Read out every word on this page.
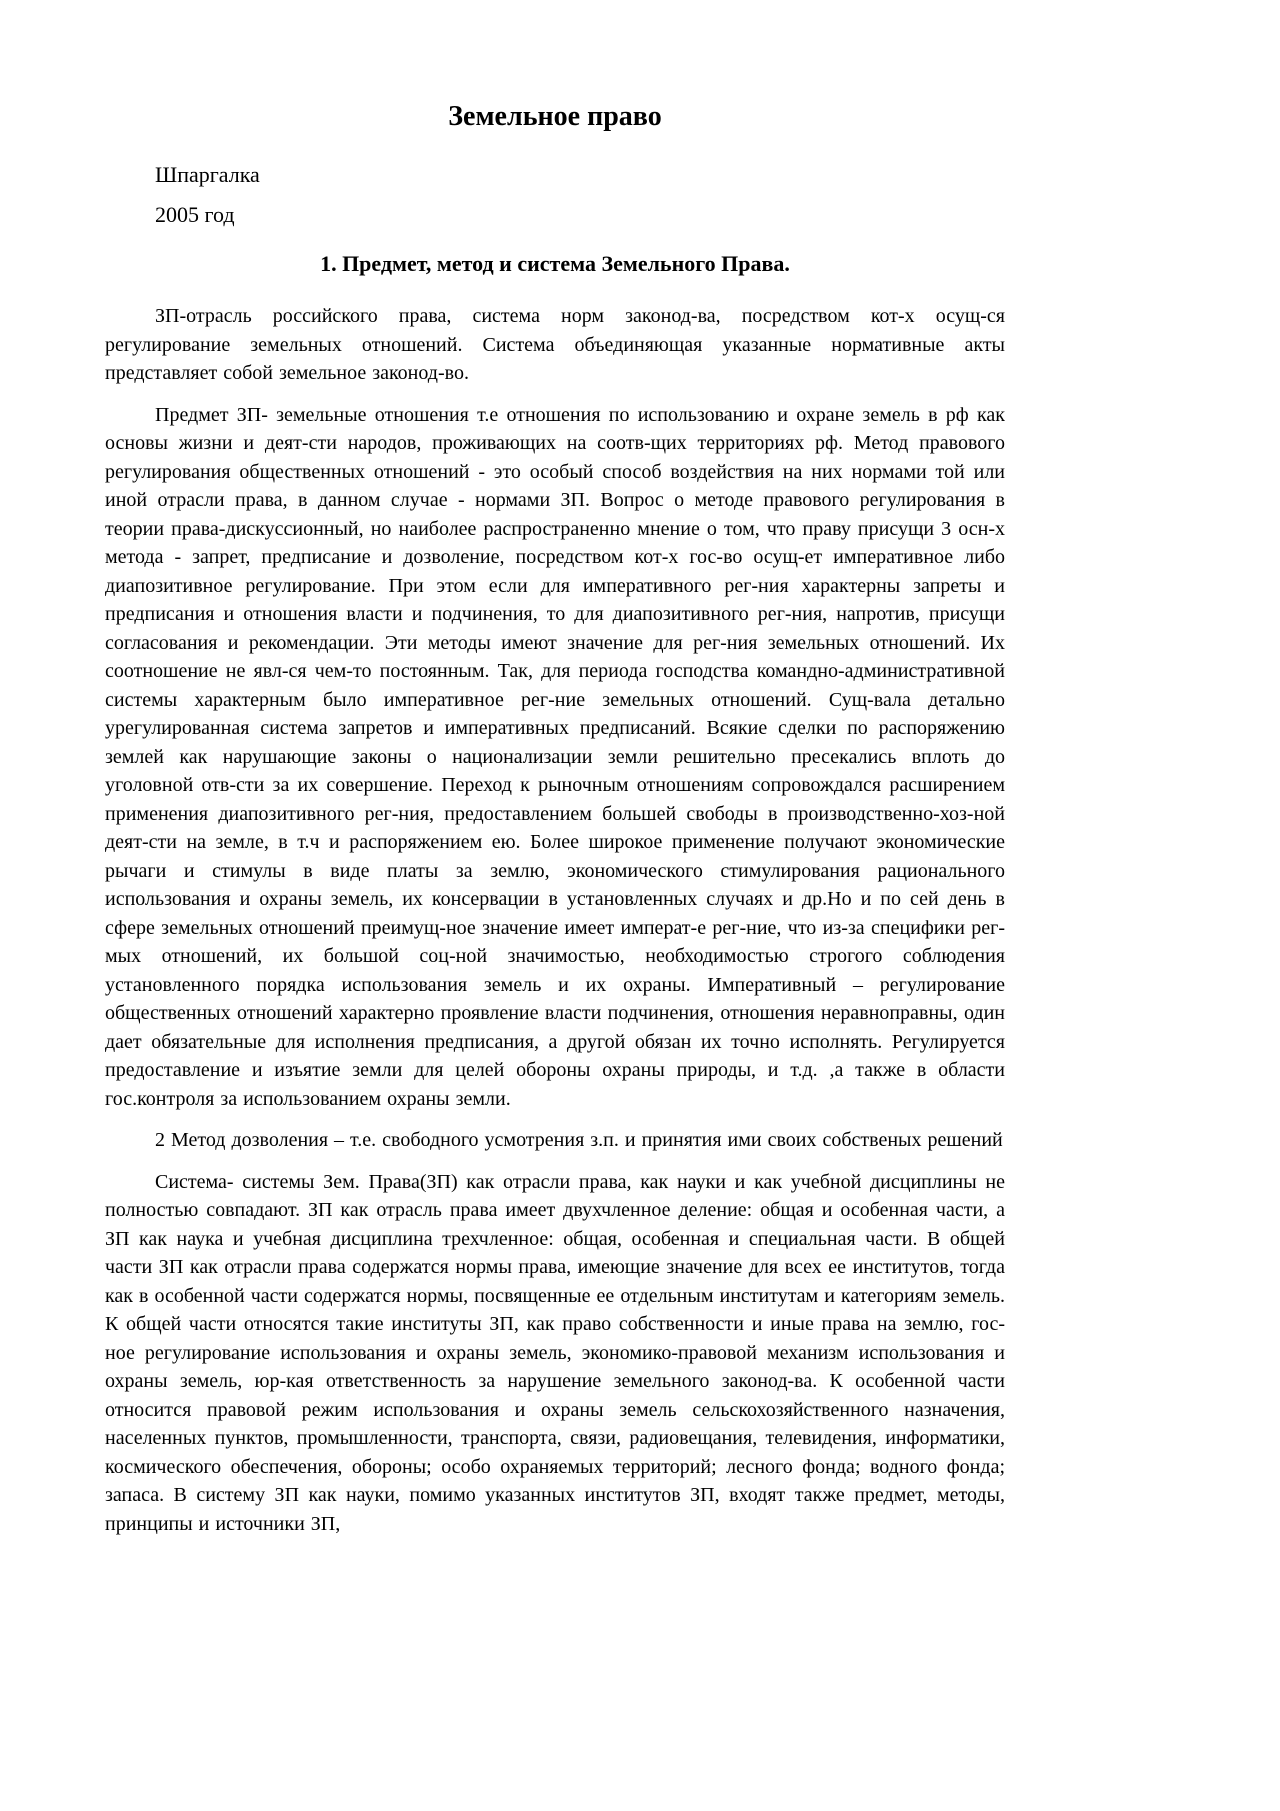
Земельное право

Шпаргалка

2005 год

1. Предмет, метод и система Земельного Права.

ЗП-отрасль российского права, система норм законод-ва, посредством кот-х осущ-ся регулирование земельных отношений. Система объединяющая указанные нормативные акты представляет собой земельное законод-во.

Предмет ЗП- земельные отношения т.е отношения по использованию и охране земель в рф как основы жизни и деят-сти народов, проживающих на соотв-щих территориях рф. Метод правового регулирования общественных отношений - это особый способ воздействия на них нормами той или иной отрасли права, в данном случае - нормами ЗП. Вопрос о методе правового регулирования в теории права-дискуссионный, но наиболее распространенно мнение о том, что праву присущи 3 осн-х метода - запрет, предписание и дозволение, посредством кот-х гос-во осущ-ет императивное либо диапозитивное регулирование. При этом если для императивного рег-ния характерны запреты и предписания и отношения власти и подчинения, то для диапозитивного рег-ния, напротив, присущи согласования и рекомендации. Эти методы имеют значение для рег-ния земельных отношений. Их соотношение не явл-ся чем-то постоянным. Так, для периода господства командно-административной системы характерным было императивное рег-ние земельных отношений. Сущ-вала детально урегулированная система запретов и императивных предписаний. Всякие сделки по распоряжению землей как нарушающие законы о национализации земли решительно пресекались вплоть до уголовной отв-сти за их совершение. Переход к рыночным отношениям сопровождался расширением применения диапозитивного рег-ния, предоставлением большей свободы в производственно-хоз-ной деят-сти на земле, в т.ч и распоряжением ею. Более широкое применение получают экономические рычаги и стимулы в виде платы за землю, экономического стимулирования рационального использования и охраны земель, их консервации в установленных случаях и др.Но и по сей день в сфере земельных отношений преимущ-ное значение имеет императ-е рег-ние, что из-за специфики рег-мых отношений, их большой соц-ной значимостью, необходимостью строгого соблюдения установленного порядка использования земель и их охраны. Императивный – регулирование общественных отношений характерно проявление власти подчинения, отношения неравноправны, один дает обязательные для исполнения предписания, а другой обязан их точно исполнять. Регулируется предоставление и изъятие земли для целей обороны охраны природы, и т.д. ,а также в области гос.контроля за использованием охраны земли.

2 Метод дозволения – т.е. свободного усмотрения з.п. и принятия ими своих собственых решений

Система- системы Зем. Права(ЗП) как отрасли права, как науки и как учебной дисциплины не полностью совпадают. ЗП как отрасль права имеет двухчленное деление: общая и особенная части, а ЗП как наука и учебная дисциплина трехчленное: общая, особенная и специальная части. В общей части ЗП как отрасли права содержатся нормы права, имеющие значение для всех ее институтов, тогда как в особенной части содержатся нормы, посвященные ее отдельным институтам и категориям земель. К общей части относятся такие институты ЗП, как право собственности и иные права на землю, гос-ное регулирование использования и охраны земель, экономико-правовой механизм использования и охраны земель, юр-кая ответственность за нарушение земельного законод-ва. К особенной части относится правовой режим использования и охраны земель сельскохозяйственного назначения, населенных пунктов, промышленности, транспорта, связи, радиовещания, телевидения, информатики, космического обеспечения, обороны; особо охраняемых территорий; лесного фонда; водного фонда; запаса. В систему ЗП как науки, помимо указанных институтов ЗП, входят также предмет, методы, принципы и источники ЗП,
